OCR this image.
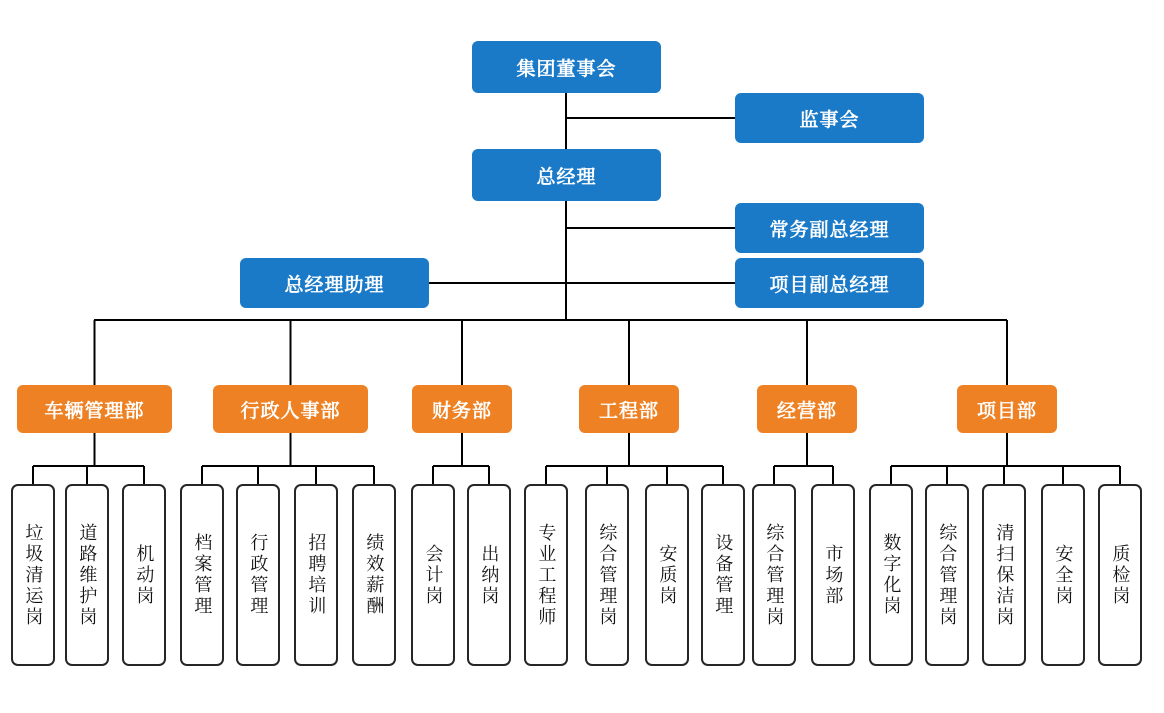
集团董事会
监事会
总经理
常务副总经理
总经理助理	项目副总经理
车辆管理部
垃圾清运岗 道路维护岗 机动岗
行政人事部
档案管理 行政管理 招聘培训 绩效薪酬
财务部
会计岗 出纳岗
工程部
专业工程师 综合管理岗 安质岗 设备管理
经营部
综合管理岗 市场部
项目部
数字化岗 综合管理岗 清扫保洁岗 安全岗 质检岗
